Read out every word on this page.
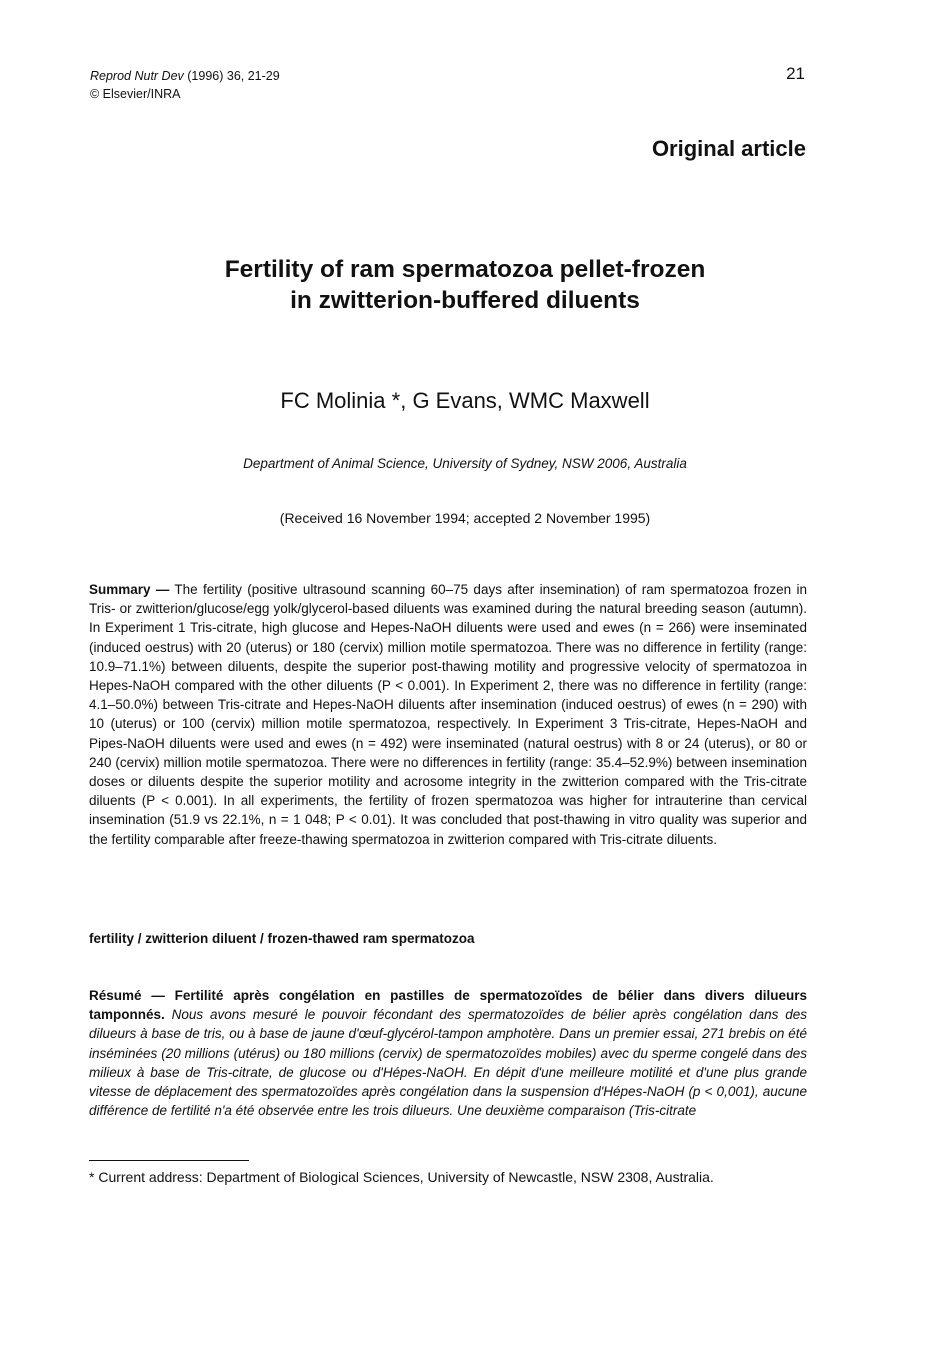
Reprod Nutr Dev (1996) 36, 21-29
© Elsevier/INRA
21
Original article
Fertility of ram spermatozoa pellet-frozen
in zwitterion-buffered diluents
FC Molinia *, G Evans, WMC Maxwell
Department of Animal Science, University of Sydney, NSW 2006, Australia
(Received 16 November 1994; accepted 2 November 1995)
Summary — The fertility (positive ultrasound scanning 60–75 days after insemination) of ram spermatozoa frozen in Tris- or zwitterion/glucose/egg yolk/glycerol-based diluents was examined during the natural breeding season (autumn). In Experiment 1 Tris-citrate, high glucose and Hepes-NaOH diluents were used and ewes (n = 266) were inseminated (induced oestrus) with 20 (uterus) or 180 (cervix) million motile spermatozoa. There was no difference in fertility (range: 10.9–71.1%) between diluents, despite the superior post-thawing motility and progressive velocity of spermatozoa in Hepes-NaOH compared with the other diluents (P < 0.001). In Experiment 2, there was no difference in fertility (range: 4.1–50.0%) between Tris-citrate and Hepes-NaOH diluents after insemination (induced oestrus) of ewes (n = 290) with 10 (uterus) or 100 (cervix) million motile spermatozoa, respectively. In Experiment 3 Tris-citrate, Hepes-NaOH and Pipes-NaOH diluents were used and ewes (n = 492) were inseminated (natural oestrus) with 8 or 24 (uterus), or 80 or 240 (cervix) million motile spermatozoa. There were no differences in fertility (range: 35.4–52.9%) between insemination doses or diluents despite the superior motility and acrosome integrity in the zwitterion compared with the Tris-citrate diluents (P < 0.001). In all experiments, the fertility of frozen spermatozoa was higher for intrauterine than cervical insemination (51.9 vs 22.1%, n = 1 048; P < 0.01). It was concluded that post-thawing in vitro quality was superior and the fertility comparable after freeze-thawing spermatozoa in zwitterion compared with Tris-citrate diluents.
fertility / zwitterion diluent / frozen-thawed ram spermatozoa
Résumé — Fertilité après congélation en pastilles de spermatozoïdes de bélier dans divers dilueurs tamponnés. Nous avons mesuré le pouvoir fécondant des spermatozoïdes de bélier après congélation dans des dilueurs à base de tris, ou à base de jaune d'œuf-glycérol-tampon amphotère. Dans un premier essai, 271 brebis on été inséminées (20 millions (utérus) ou 180 millions (cervix) de spermatozoïdes mobiles) avec du sperme congelé dans des milieux à base de Tris-citrate, de glucose ou d'Hépes-NaOH. En dépit d'une meilleure motilité et d'une plus grande vitesse de déplacement des spermatozoïdes après congélation dans la suspension d'Hépes-NaOH (p < 0,001), aucune différence de fertilité n'a été observée entre les trois dilueurs. Une deuxième comparaison (Tris-citrate
* Current address: Department of Biological Sciences, University of Newcastle, NSW 2308, Australia.
